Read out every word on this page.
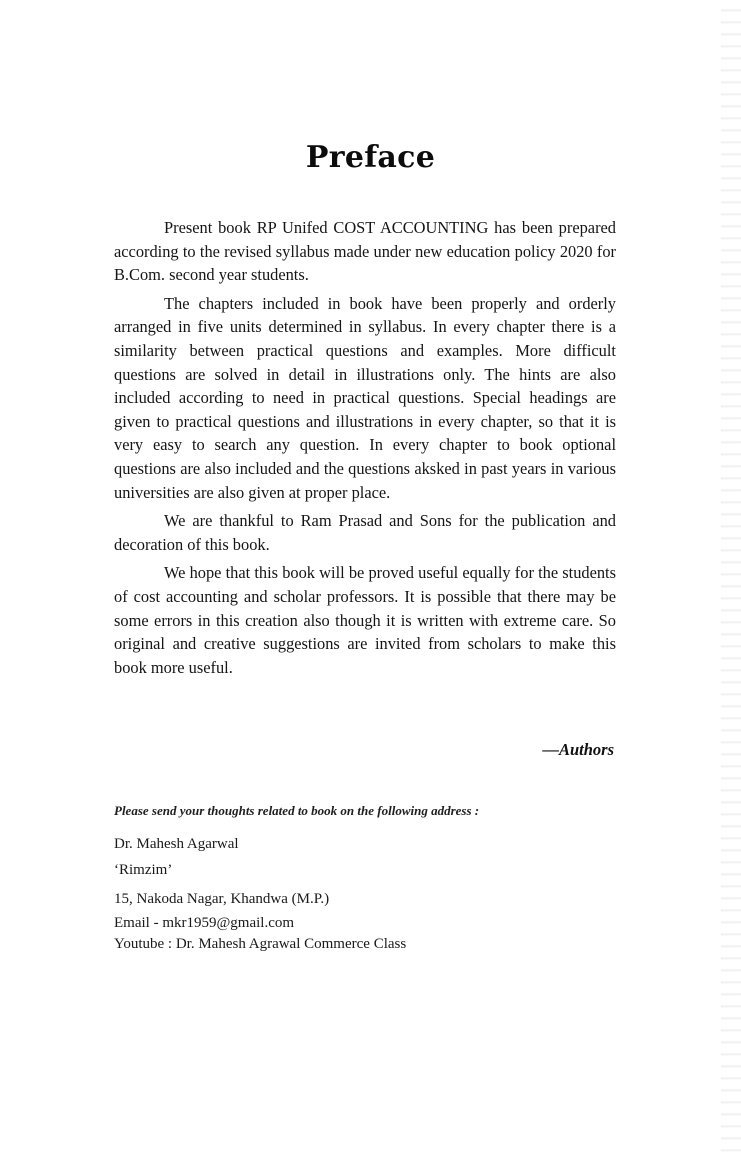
Preface

Present book RP Unifed COST ACCOUNTING has been prepared according to the revised syllabus made under new education policy 2020 for B.Com. second year students.

The chapters included in book have been properly and orderly arranged in five units determined in syllabus. In every chapter there is a similarity between practical questions and examples. More difficult questions are solved in detail in illustrations only. The hints are also included according to need in practical questions. Special headings are given to practical questions and illustrations in every chapter, so that it is very easy to search any question. In every chapter to book optional questions are also included and the questions aksked in past years in various universities are also given at proper place.

We are thankful to Ram Prasad and Sons for the publication and decoration of this book.

We hope that this book will be proved useful equally for the students of cost accounting and scholar professors. It is possible that there may be some errors in this creation also though it is written with extreme care. So original and creative suggestions are invited from scholars to make this book more useful.

—Authors
Please send your thoughts related to book on the following address :
Dr. Mahesh Agarwal
‘Rimzim’
15, Nakoda Nagar, Khandwa (M.P.)
Email - mkr1959@gmail.com
Youtube : Dr. Mahesh Agrawal Commerce Class
